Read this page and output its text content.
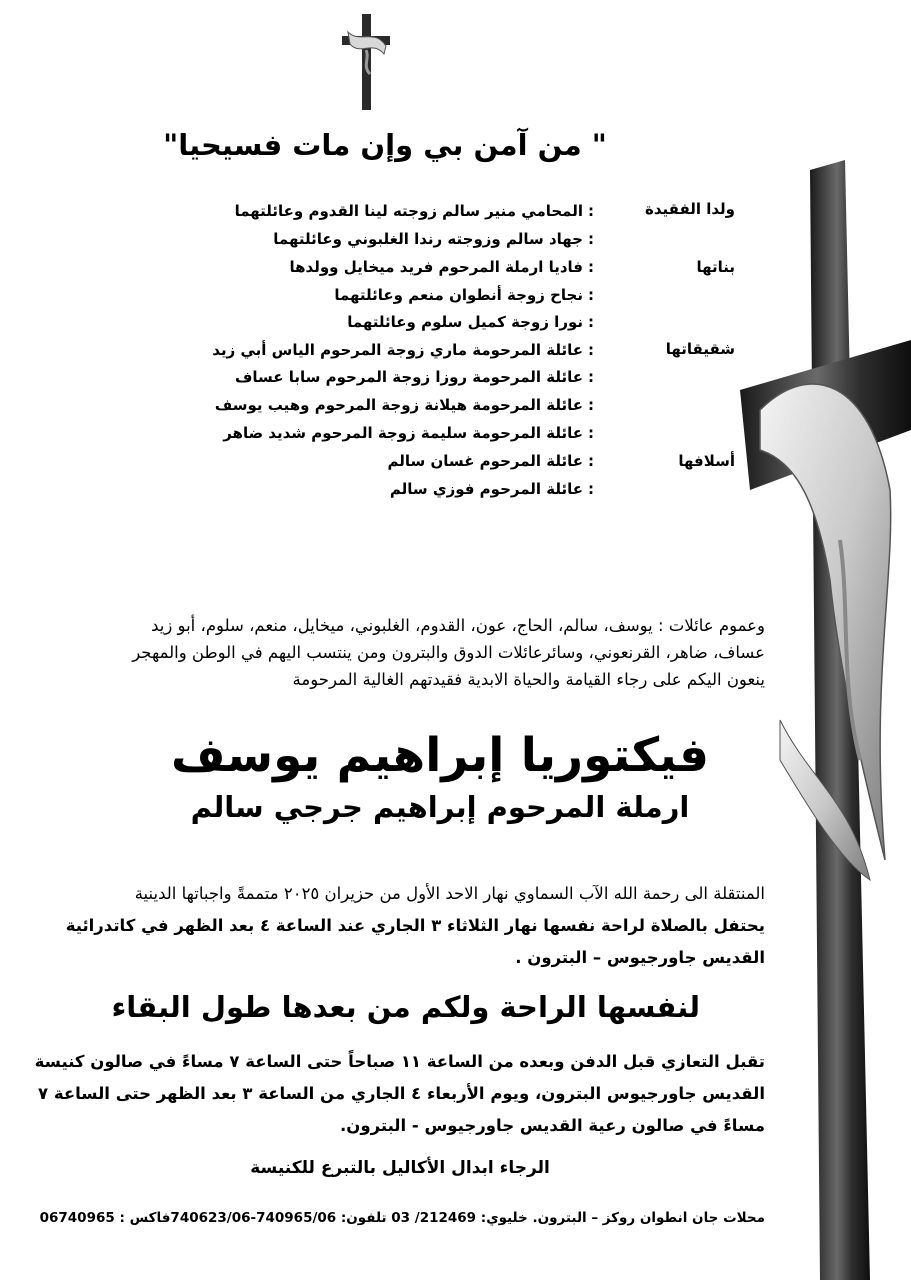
" من آمن بي وإن مات فسيحيا"
ولدا الفقيدة
بناتها
شقيقاتها
أسلافها
:المحامي منير سالم زوجته لينا القدوم وعائلتهما
:جهاد سالم وزوجته رندا الغلبوني وعائلتهما
:فاديا ارملة المرحوم فريد ميخايل وولدها
:نجاح زوجة أنطوان منعم وعائلتهما
:نورا زوجة كميل سلوم وعائلتهما
:عائلة المرحومة ماري زوجة المرحوم الياس أبي زيد
:عائلة المرحومة روزا زوجة المرحوم سابا عساف
:عائلة المرحومة هيلانة زوجة المرحوم وهيب يوسف
:عائلة المرحومة سليمة زوجة المرحوم شديد ضاهر
:عائلة المرحوم غسان سالم
:عائلة المرحوم فوزي سالم
وعموم عائلات : يوسف، سالم، الحاج، عون، القدوم، الغلبوني، ميخايل، منعم، سلوم، أبو زيد
عساف، ضاهر، القرنعوني، وسائرعائلات الدوق والبترون ومن ينتسب اليهم في الوطن والمهجر
ينعون اليكم على رجاء القيامة والحياة الابدية فقيدتهم الغالية المرحومة
فيكتوريا إبراهيم يوسف
ارملة المرحوم إبراهيم جرجي سالم
المنتقلة الى رحمة الله الآب السماوي نهار الاحد الأول من حزيران ٢٠٢٥ متممةً واجباتها الدينية
يحتفل بالصلاة لراحة نفسها نهار الثلاثاء ٣ الجاري عند الساعة ٤ بعد الظهر في كاتدرائية
القديس جاورجيوس – البترون .
لنفسها الراحة ولكم من بعدها طول البقاء
تقبل التعازي قبل الدفن وبعده من الساعة ١١ صباحاً حتى الساعة ٧ مساءً في صالون كنيسة
القديس جاورجيوس البترون، ويوم الأربعاء ٤ الجاري من الساعة ٣ بعد الظهر حتى الساعة ٧
مساءً في صالون رعية القديس جاورجيوس - البترون.
الرجاء ابدال الأكاليل بالتبرع للكنيسة
محلات جان انطوان روكز – البترون. خليوي: 212469/ 03 تلفون: 740965/06-740623/06فاكس : 06740965
